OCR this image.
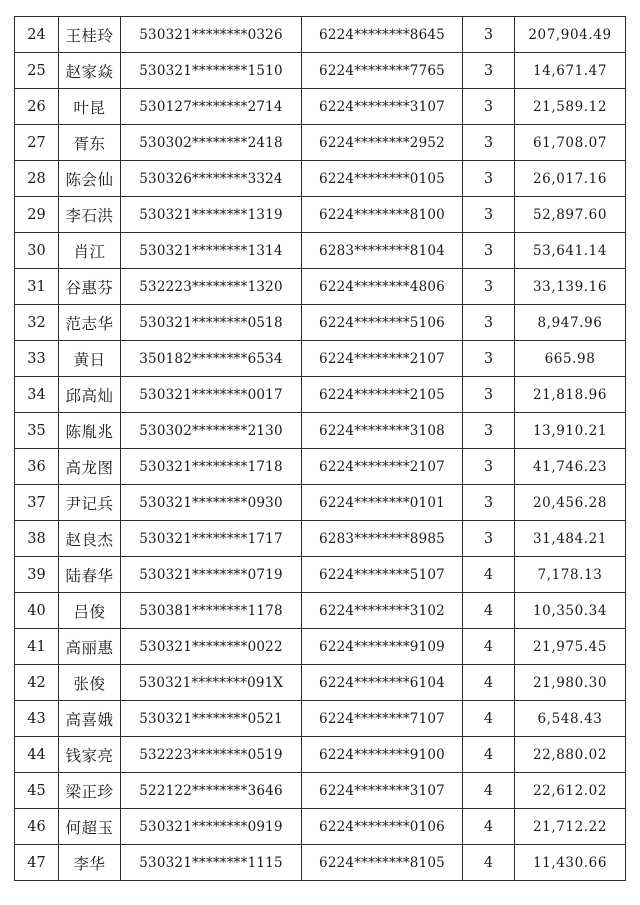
24	王桂玲	530321********0326	6224********8645	3	207,904.49
25	赵家焱	530321********1510	6224********7765	3	14,671.47
26	叶昆	530127********2714	6224********3107	3	21,589.12
27	胥东	530302********2418	6224********2952	3	61,708.07
28	陈会仙	530326********3324	6224********0105	3	26,017.16
29	李石洪	530321********1319	6224********8100	3	52,897.60
30	肖江	530321********1314	6283********8104	3	53,641.14
31	谷惠芬	532223********1320	6224********4806	3	33,139.16
32	范志华	530321********0518	6224********5106	3	8,947.96
33	黄日	350182********6534	6224********2107	3	665.98
34	邱高灿	530321********0017	6224********2105	3	21,818.96
35	陈胤兆	530302********2130	6224********3108	3	13,910.21
36	高龙图	530321********1718	6224********2107	3	41,746.23
37	尹记兵	530321********0930	6224********0101	3	20,456.28
38	赵良杰	530321********1717	6283********8985	3	31,484.21
39	陆春华	530321********0719	6224********5107	4	7,178.13
40	吕俊	530381********1178	6224********3102	4	10,350.34
41	高丽惠	530321********0022	6224********9109	4	21,975.45
42	张俊	530321********091X	6224********6104	4	21,980.30
43	高喜娥	530321********0521	6224********7107	4	6,548.43
44	钱家亮	532223********0519	6224********9100	4	22,880.02
45	梁正珍	522122********3646	6224********3107	4	22,612.02
46	何超玉	530321********0919	6224********0106	4	21,712.22
47	李华	530321********1115	6224********8105	4	11,430.66
